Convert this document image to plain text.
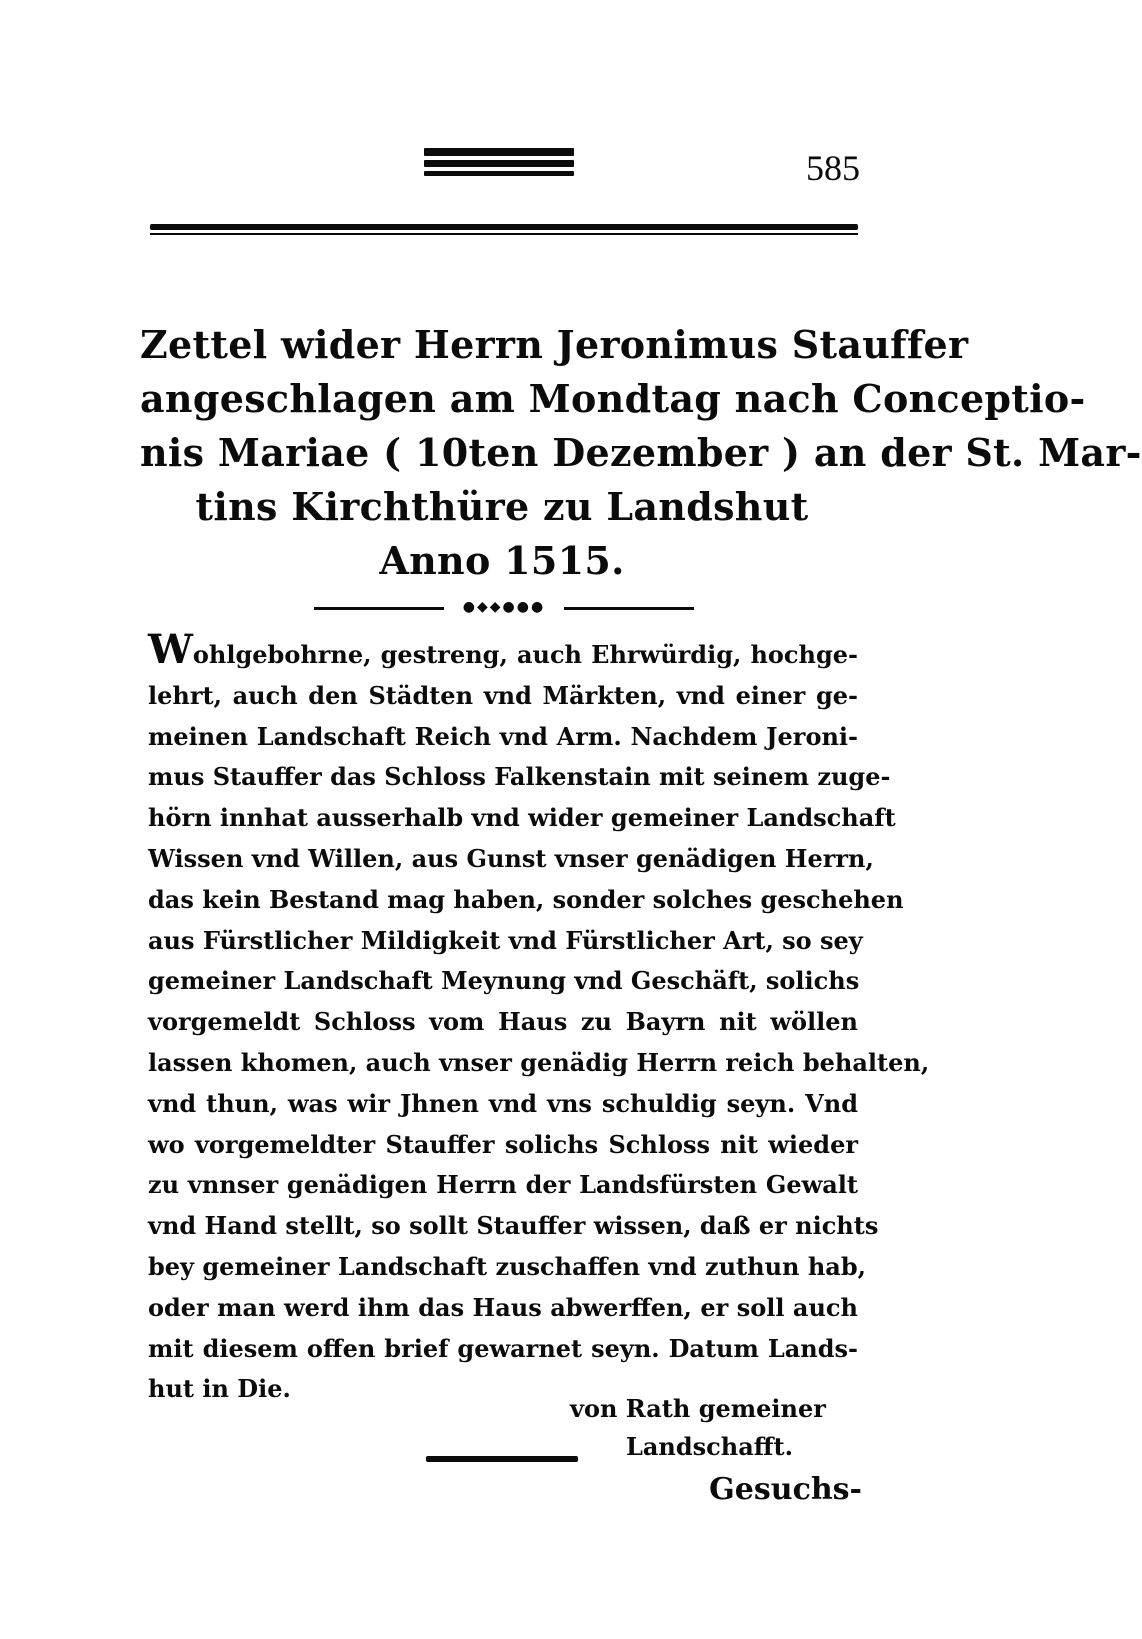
585
Zettel wider Herrn Jeronimus Stauffer
angeschlagen am Mondtag nach Conceptio-
nis Mariae ( 10ten Dezember ) an der St. Mar-
tins Kirchthüre zu Landshut
Anno 1515.
●◆◆●●●
Wohlgebohrne, gestreng, auch Ehrwürdig, hochge-
lehrt, auch den Städten vnd Märkten, vnd einer ge-
meinen Landschaft Reich vnd Arm. Nachdem Jeroni-
mus Stauffer das Schloss Falkenstain mit seinem zuge-
hörn innhat ausserhalb vnd wider gemeiner Landschaft
Wissen vnd Willen, aus Gunst vnser genädigen Herrn,
das kein Bestand mag haben, sonder solches geschehen
aus Fürstlicher Mildigkeit vnd Fürstlicher Art, so sey
gemeiner Landschaft Meynung vnd Geschäft, solichs
vorgemeldt Schloss vom Haus zu Bayrn nit wöllen
lassen khomen, auch vnser genädig Herrn reich behalten,
vnd thun, was wir Jhnen vnd vns schuldig seyn. Vnd
wo vorgemeldter Stauffer solichs Schloss nit wieder
zu vnnser genädigen Herrn der Landsfürsten Gewalt
vnd Hand stellt, so sollt Stauffer wissen, daß er nichts
bey gemeiner Landschaft zuschaffen vnd zuthun hab,
oder man werd ihm das Haus abwerffen, er soll auch
mit diesem offen brief gewarnet seyn. Datum Lands-
hut in Die.
von Rath gemeiner
Landschafft.
Gesuchs-
